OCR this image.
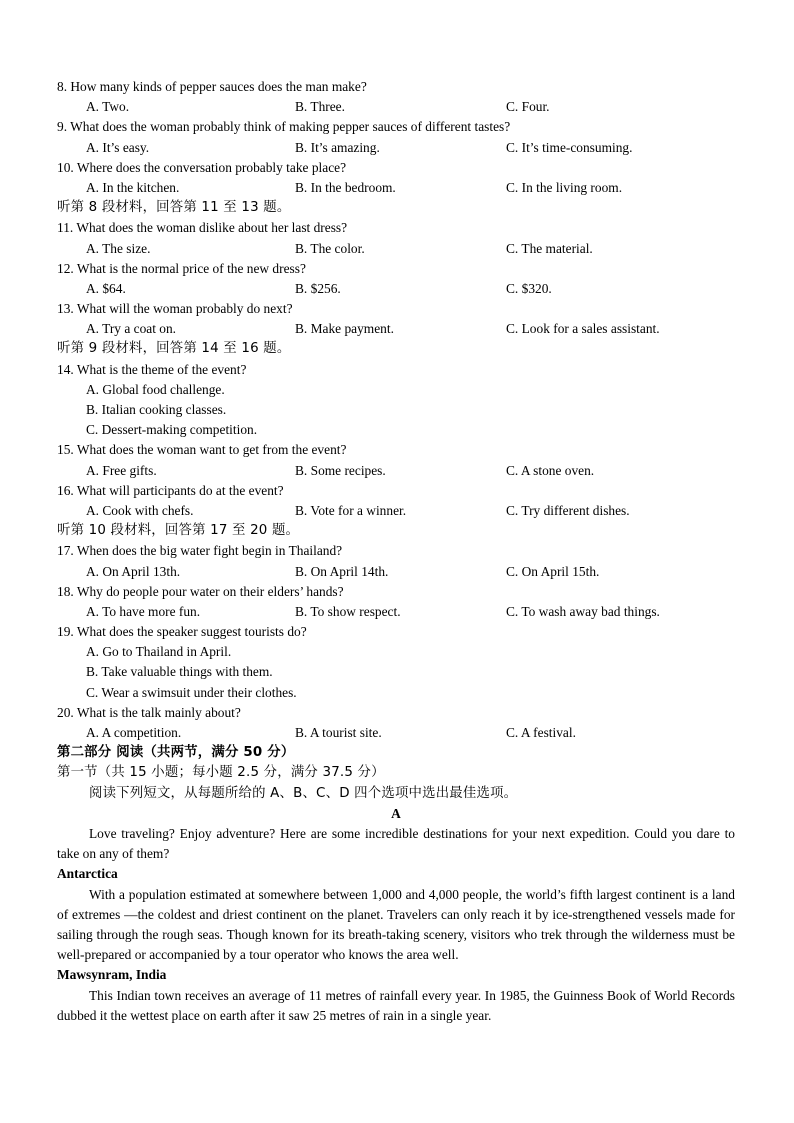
8. How many kinds of pepper sauces does the man make?
A. Two.	B. Three.	C. Four.
9. What does the woman probably think of making pepper sauces of different tastes?
A. It’s easy.	B. It’s amazing.	C. It’s time-consuming.
10. Where does the conversation probably take place?
A. In the kitchen.	B. In the bedroom.	C. In the living room.
听第 8 段材料，回答第 11 至 13 题。
11. What does the woman dislike about her last dress?
A. The size.	B. The color.	C. The material.
12. What is the normal price of the new dress?
A. $64.	B. $256.	C. $320.
13. What will the woman probably do next?
A. Try a coat on.	B. Make payment.	C. Look for a sales assistant.
听第 9 段材料，回答第 14 至 16 题。
14. What is the theme of the event?
A. Global food challenge.
B. Italian cooking classes.
C. Dessert-making competition.
15. What does the woman want to get from the event?
A. Free gifts.	B. Some recipes.	C. A stone oven.
16. What will participants do at the event?
A. Cook with chefs.	B. Vote for a winner.	C. Try different dishes.
听第 10 段材料，回答第 17 至 20 题。
17. When does the big water fight begin in Thailand?
A. On April 13th.	B. On April 14th.	C. On April 15th.
18. Why do people pour water on their elders’ hands?
A. To have more fun.	B. To show respect.	C. To wash away bad things.
19. What does the speaker suggest tourists do?
A. Go to Thailand in April.
B. Take valuable things with them.
C. Wear a swimsuit under their clothes.
20. What is the talk mainly about?
A. A competition.	B. A tourist site.	C. A festival.
第二部分 阅读（共两节，满分 50 分）
第一节（共 15 小题；每小题 2.5 分，满分 37.5 分）
阅读下列短文，从每题所给的 A、B、C、D 四个选项中选出最佳选项。
A
Love traveling? Enjoy adventure? Here are some incredible destinations for your next expedition. Could you dare to take on any of them?
Antarctica
With a population estimated at somewhere between 1,000 and 4,000 people, the world’s fifth largest continent is a land of extremes —the coldest and driest continent on the planet. Travelers can only reach it by ice-strengthened vessels made for sailing through the rough seas. Though known for its breath-taking scenery, visitors who trek through the wilderness must be well-prepared or accompanied by a tour operator who knows the area well.
Mawsynram, India
This Indian town receives an average of 11 metres of rainfall every year. In 1985, the Guinness Book of World Records dubbed it the wettest place on earth after it saw 25 metres of rain in a single year.
